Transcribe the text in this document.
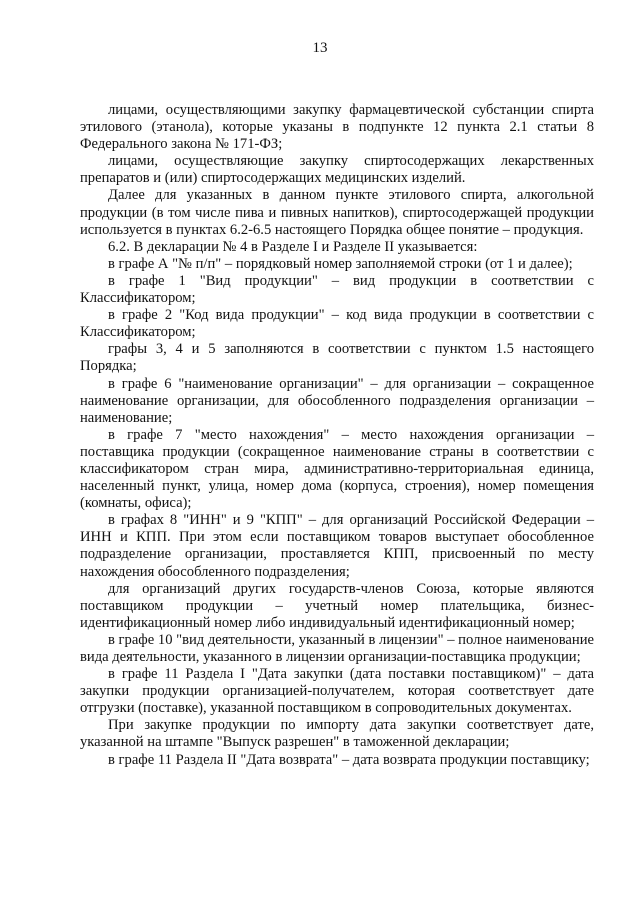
13

лицами, осуществляющими закупку фармацевтической субстанции спирта этилового (этанола), которые указаны в подпункте 12 пункта 2.1 статьи 8 Федерального закона № 171-ФЗ;

лицами, осуществляющие закупку спиртосодержащих лекарственных препаратов и (или) спиртосодержащих медицинских изделий.

Далее для указанных в данном пункте этилового спирта, алкогольной продукции (в том числе пива и пивных напитков), спиртосодержащей продукции используется в пунктах 6.2-6.5 настоящего Порядка общее понятие – продукция.

6.2. В декларации № 4 в Разделе I и Разделе II указывается:

в графе А "№ п/п" – порядковый номер заполняемой строки (от 1 и далее);

в графе 1 "Вид продукции" – вид продукции в соответствии с Классификатором;

в графе 2 "Код вида продукции" – код вида продукции в соответствии с Классификатором;

графы 3, 4 и 5 заполняются в соответствии с пунктом 1.5 настоящего Порядка;

в графе 6 "наименование организации" – для организации – сокращенное наименование организации, для обособленного подразделения организации – наименование;

в графе 7 "место нахождения" – место нахождения организации – поставщика продукции (сокращенное наименование страны в соответствии с классификатором стран мира, административно-территориальная единица, населенный пункт, улица, номер дома (корпуса, строения), номер помещения (комнаты, офиса);

в графах 8 "ИНН" и 9 "КПП" – для организаций Российской Федерации – ИНН и КПП. При этом если поставщиком товаров выступает обособленное подразделение организации, проставляется КПП, присвоенный по месту нахождения обособленного подразделения;

для организаций других государств-членов Союза, которые являются поставщиком продукции – учетный номер плательщика, бизнес-идентификационный номер либо индивидуальный идентификационный номер;

в графе 10 "вид деятельности, указанный в лицензии" – полное наименование вида деятельности, указанного в лицензии организации-поставщика продукции;

в графе 11 Раздела I "Дата закупки (дата поставки поставщиком)" – дата закупки продукции организацией-получателем, которая соответствует дате отгрузки (поставке), указанной поставщиком в сопроводительных документах.

При закупке продукции по импорту дата закупки соответствует дате, указанной на штампе "Выпуск разрешен" в таможенной декларации;

в графе 11 Раздела II "Дата возврата" – дата возврата продукции поставщику;
